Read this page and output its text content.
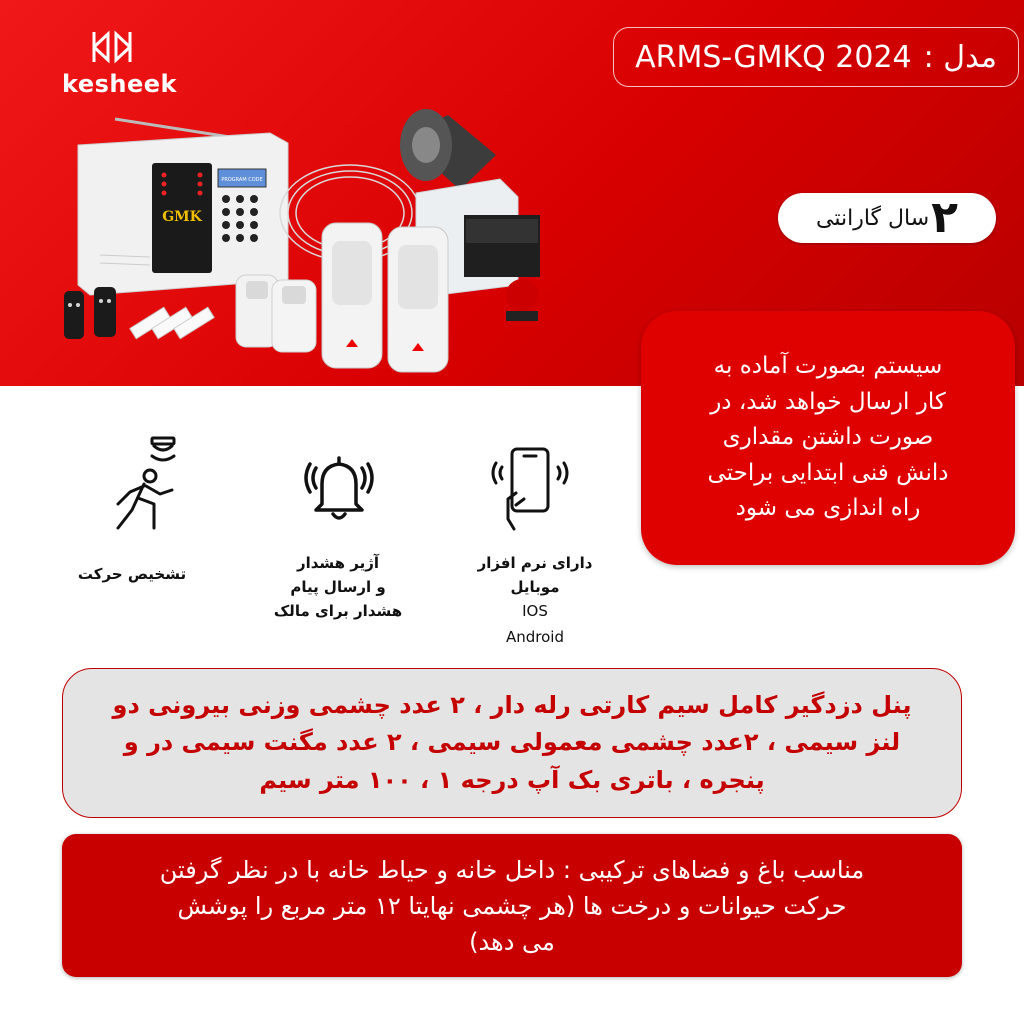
kesheek
مدل :
ARMS-GMKQ 2024
GMK
PROGRAM CODE
۲
سال گارانتی
سیستم بصورت آماده به
کار ارسال خواهد شد، در
صورت داشتن مقداری
دانش فنی ابتدایی براحتی
راه اندازی می شود
دارای نرم افزار
موبایل
IOS
Android
آژیر هشدار
و ارسال پیام
هشدار برای مالک
تشخیص حرکت
پنل دزدگیر کامل سیم کارتی رله دار ، ۲ عدد چشمی وزنی بیرونی دو
لنز سیمی ، ۲عدد چشمی معمولی سیمی ، ۲ عدد مگنت سیمی در و
پنجره ، باتری بک آپ درجه ۱ ، ۱۰۰ متر سیم
مناسب باغ و فضاهای ترکیبی : داخل خانه و حیاط خانه با در نظر گرفتن
حرکت حیوانات و درخت ها (هر چشمی نهایتا ۱۲ متر مربع را پوشش
می دهد)
